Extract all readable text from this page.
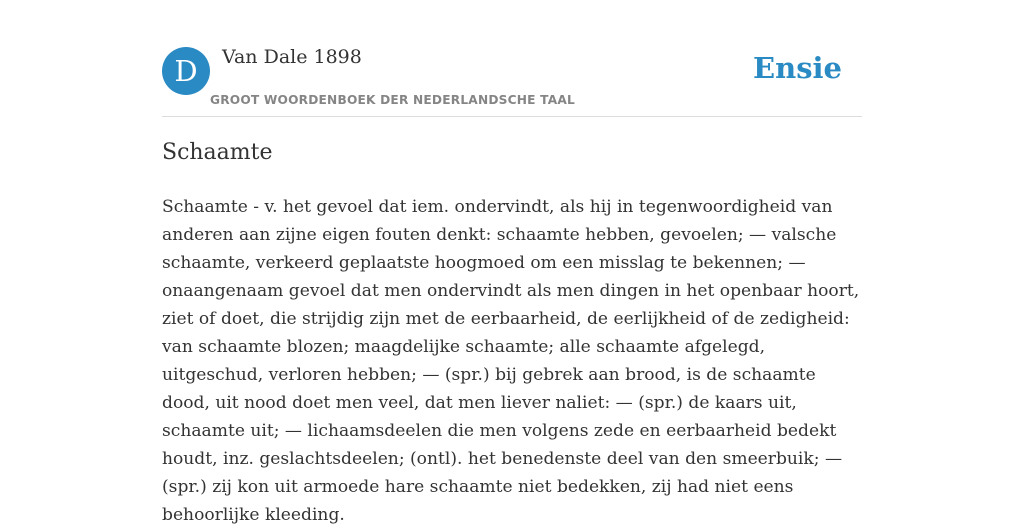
D	Van Dale 1898
GROOT WOORDENBOEK DER NEDERLANDSCHE TAAL
Ensie
Schaamte

Schaamte - v. het gevoel dat iem. ondervindt, als hij in tegenwoordigheid van anderen aan zijne eigen fouten denkt: schaamte hebben, gevoelen; — valsche schaamte, verkeerd geplaatste hoogmoed om een misslag te bekennen; — onaangenaam gevoel dat men ondervindt als men dingen in het openbaar hoort, ziet of doet, die strijdig zijn met de eerbaarheid, de eerlijkheid of de zedigheid: van schaamte blozen; maagdelijke schaamte; alle schaamte afgelegd, uitgeschud, verloren hebben; — (spr.) bij gebrek aan brood, is de schaamte dood, uit nood doet men veel, dat men liever naliet: — (spr.) de kaars uit, schaamte uit; — lichaamsdeelen die men volgens zede en eerbaarheid bedekt houdt, inz. geslachtsdeelen; (ontl). het benedenste deel van den smeerbuik; — (spr.) zij kon uit armoede hare schaamte niet bedekken, zij had niet eens behoorlijke kleeding.
